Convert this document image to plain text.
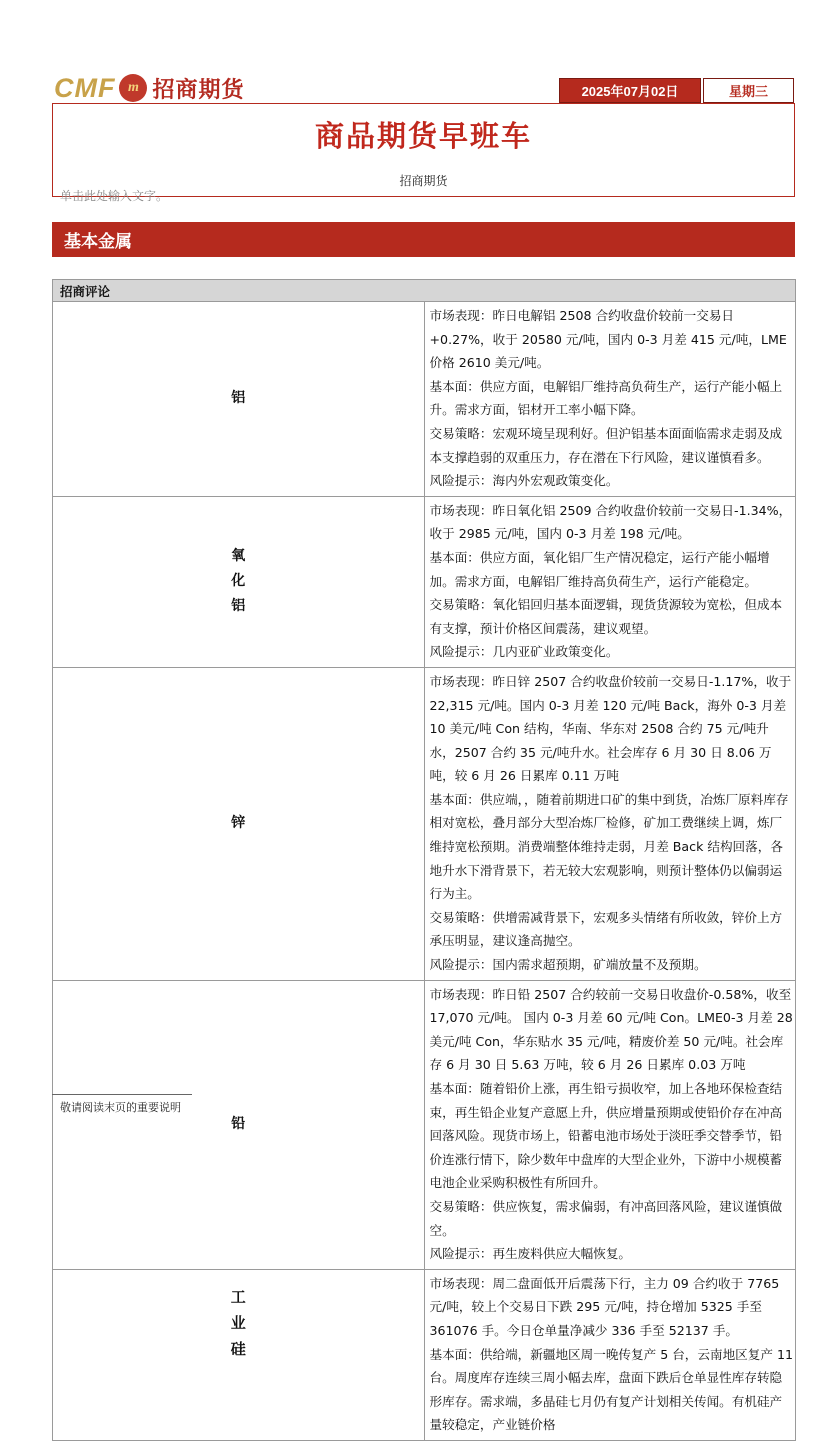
CMF m 招商期货	2025年07月02日	星期三
商品期货早班车
招商期货
单击此处输入文字。
基本金属
招商评论	
铝	市场表现：昨日电解铝 2508 合约收盘价较前一交易日+0.27%，收于 20580 元/吨，国内 0-3 月差 415 元/吨，LME 价格 2610 美元/吨。

基本面：供应方面，电解铝厂维持高负荷生产，运行产能小幅上升。需求方面，铝材开工率小幅下降。

交易策略：宏观环境呈现利好。但沪铝基本面面临需求走弱及成本支撑趋弱的双重压力，存在潜在下行风险，建议谨慎看多。

风险提示：海内外宏观政策变化。

氧化铝	市场表现：昨日氧化铝 2509 合约收盘价较前一交易日-1.34%，收于 2985 元/吨，国内 0-3 月差 198 元/吨。

基本面：供应方面，氧化铝厂生产情况稳定，运行产能小幅增加。需求方面，电解铝厂维持高负荷生产，运行产能稳定。

交易策略：氧化铝回归基本面逻辑，现货货源较为宽松，但成本有支撑，预计价格区间震荡，建议观望。

风险提示：几内亚矿业政策变化。

锌	市场表现：昨日锌 2507 合约收盘价较前一交易日-1.17%，收于 22,315 元/吨。国内 0-3 月差 120 元/吨 Back，海外 0-3 月差 10 美元/吨 Con 结构，华南、华东对 2508 合约 75 元/吨升水，2507 合约 35 元/吨升水。社会库存 6 月 30 日 8.06 万吨，较 6 月 26 日累库 0.11 万吨

基本面：供应端，，随着前期进口矿的集中到货，冶炼厂原料库存相对宽松，叠月部分大型冶炼厂检修，矿加工费继续上调，炼厂维持宽松预期。消费端整体维持走弱，月差 Back 结构回落，各地升水下滑背景下，若无较大宏观影响，则预计整体仍以偏弱运行为主。

交易策略：供增需减背景下，宏观多头情绪有所收敛，锌价上方承压明显，建议逢高抛空。

风险提示：国内需求超预期，矿端放量不及预期。

铅	市场表现：昨日铅 2507 合约较前一交易日收盘价-0.58%，收至 17,070 元/吨。 国内 0-3 月差 60 元/吨 Con。LME0-3 月差 28 美元/吨 Con，华东贴水 35 元/吨，精废价差 50 元/吨。社会库存 6 月 30 日 5.63 万吨，较 6 月 26 日累库 0.03 万吨

基本面：随着铅价上涨，再生铅亏损收窄，加上各地环保检查结束，再生铅企业复产意愿上升，供应增量预期或使铅价存在冲高回落风险。现货市场上，铅蓄电池市场处于淡旺季交替季节，铅价连涨行情下，除少数年中盘库的大型企业外，下游中小规模蓄电池企业采购积极性有所回升。

交易策略：供应恢复，需求偏弱，有冲高回落风险，建议谨慎做空。

风险提示：再生废料供应大幅恢复。

工业硅	市场表现：周二盘面低开后震荡下行，主力 09 合约收于 7765 元/吨，较上个交易日下跌 295 元/吨，持仓增加 5325 手至 361076 手。今日仓单量净减少 336 手至 52137 手。

基本面：供给端，新疆地区周一晚传复产 5 台，云南地区复产 11 台。周度库存连续三周小幅去库，盘面下跌后仓单显性库存转隐形库存。需求端，多晶硅七月仍有复产计划相关传闻。有机硅产量较稳定，产业链价格

敬请阅读末页的重要说明
